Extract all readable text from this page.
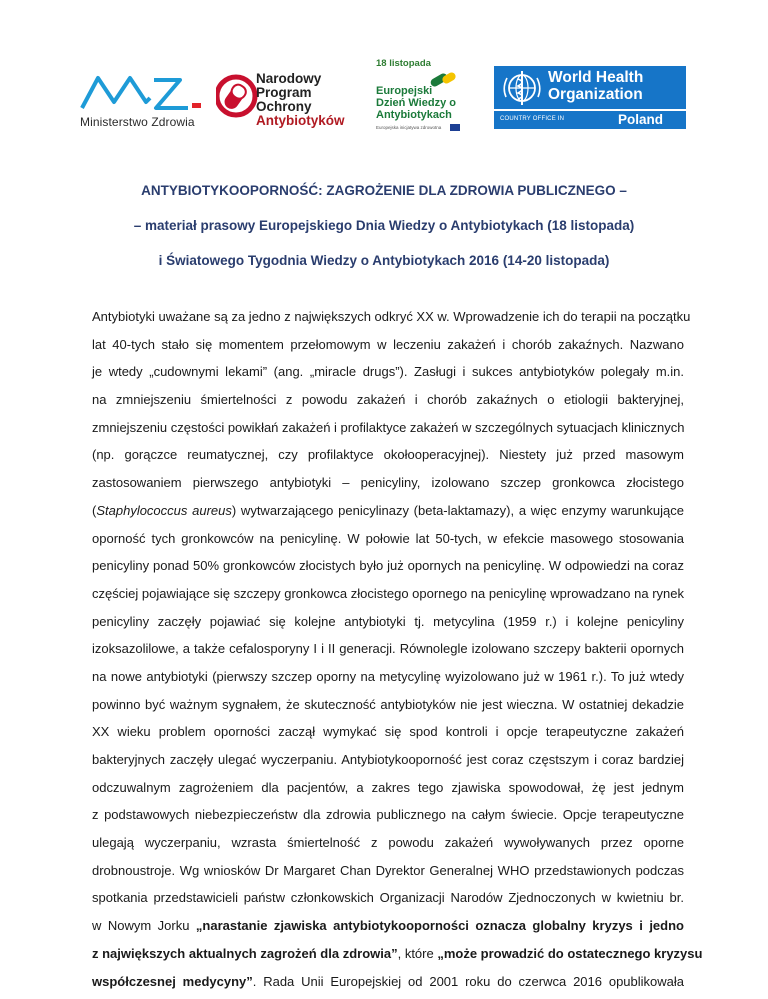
Ministerstwo Zdrowia
Narodowy
Program
Ochrony
Antybiotyków
18 listopada
Europejski
Dzień Wiedzy o
Antybiotykach
Europejska inicjatywa zdrowotna
World Health
Organization
COUNTRY OFFICE IN	Poland
ANTYBIOTYKOOPORNOŚĆ: ZAGROŻENIE DLA ZDROWIA PUBLICZNEGO –
– materiał prasowy Europejskiego Dnia Wiedzy o Antybiotykach (18 listopada)
i Światowego Tygodnia Wiedzy o Antybiotykach 2016 (14-20 listopada)
Antybiotyki uważane są za jedno z największych odkryć XX w. Wprowadzenie ich do terapii na początku
lat 40-tych stało się momentem przełomowym w leczeniu zakażeń i chorób zakaźnych. Nazwano
je wtedy „cudownymi lekami” (ang. „miracle drugs”). Zasługi i sukces antybiotyków polegały m.in.
na zmniejszeniu śmiertelności z powodu zakażeń i chorób zakaźnych o etiologii bakteryjnej,
zmniejszeniu częstości powikłań zakażeń i profilaktyce zakażeń w szczególnych sytuacjach klinicznych
(np. gorączce reumatycznej, czy profilaktyce okołooperacyjnej). Niestety już przed masowym
zastosowaniem pierwszego antybiotyki – penicyliny, izolowano szczep gronkowca złocistego
(Staphylococcus aureus) wytwarzającego penicylinazy (beta-laktamazy), a więc enzymy warunkujące
oporność tych gronkowców na penicylinę. W połowie lat 50-tych, w efekcie masowego stosowania
penicyliny ponad 50% gronkowców złocistych było już opornych na penicylinę. W odpowiedzi na coraz
częściej pojawiające się szczepy gronkowca złocistego opornego na penicylinę wprowadzano na rynek
penicyliny zaczęły pojawiać się kolejne antybiotyki tj. metycylina (1959 r.) i kolejne penicyliny
izoksazolilowe, a także cefalosporyny I i II generacji. Równolegle izolowano szczepy bakterii opornych
na nowe antybiotyki (pierwszy szczep oporny na metycylinę wyizolowano już w 1961 r.). To już wtedy
powinno być ważnym sygnałem, że skuteczność antybiotyków nie jest wieczna. W ostatniej dekadzie
XX wieku problem oporności zaczął wymykać się spod kontroli i opcje terapeutyczne zakażeń
bakteryjnych zaczęły ulegać wyczerpaniu. Antybiotykooporność jest coraz częstszym i coraz bardziej
odczuwalnym zagrożeniem dla pacjentów, a zakres tego zjawiska spowodował, żę jest jednym
z podstawowych niebezpieczeństw dla zdrowia publicznego na całym świecie. Opcje terapeutyczne
ulegają wyczerpaniu, wzrasta śmiertelność z powodu zakażeń wywoływanych przez oporne
drobnoustroje. Wg wniosków Dr Margaret Chan Dyrektor Generalnej WHO przedstawionych podczas
spotkania przedstawicieli państw członkowskich Organizacji Narodów Zjednoczonych w kwietniu br.
w Nowym Jorku „narastanie zjawiska antybiotykooporności oznacza globalny kryzys i jedno
z największych aktualnych zagrożeń dla zdrowia”, które „może prowadzić do ostatecznego kryzysu
współczesnej medycyny”. Rada Unii Europejskiej od 2001 roku do czerwca 2016 opublikowała
